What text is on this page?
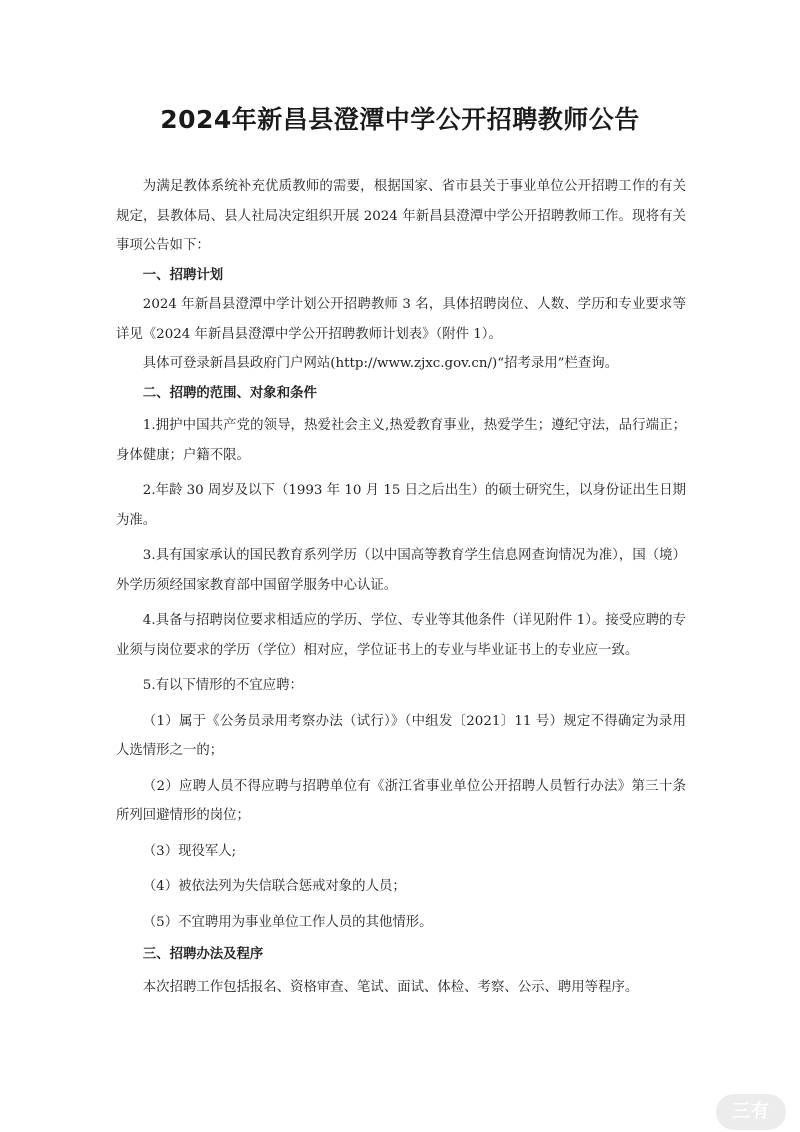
2024年新昌县澄潭中学公开招聘教师公告

为满足教体系统补充优质教师的需要，根据国家、省市县关于事业单位公开招聘工作的有关规定，县教体局、县人社局决定组织开展 2024 年新昌县澄潭中学公开招聘教师工作。现将有关事项公告如下：

一、招聘计划

2024 年新昌县澄潭中学计划公开招聘教师 3 名，具体招聘岗位、人数、学历和专业要求等详见《2024 年新昌县澄潭中学公开招聘教师计划表》（附件 1）。

具体可登录新昌县政府门户网站(http://www.zjxc.gov.cn/)“招考录用”栏查询。

二、招聘的范围、对象和条件

1.拥护中国共产党的领导，热爱社会主义,热爱教育事业，热爱学生；遵纪守法，品行端正；身体健康；户籍不限。

2.年龄 30 周岁及以下（1993 年 10 月 15 日之后出生）的硕士研究生，以身份证出生日期为准。

3.具有国家承认的国民教育系列学历（以中国高等教育学生信息网查询情况为准），国（境）外学历须经国家教育部中国留学服务中心认证。

4.具备与招聘岗位要求相适应的学历、学位、专业等其他条件（详见附件 1）。接受应聘的专业须与岗位要求的学历（学位）相对应，学位证书上的专业与毕业证书上的专业应一致。

5.有以下情形的不宜应聘：

（1）属于《公务员录用考察办法（试行）》（中组发〔2021〕11 号）规定不得确定为录用人选情形之一的；

（2）应聘人员不得应聘与招聘单位有《浙江省事业单位公开招聘人员暂行办法》第三十条所列回避情形的岗位；

（3）现役军人;

（4）被依法列为失信联合惩戒对象的人员；

（5）不宜聘用为事业单位工作人员的其他情形。

三、招聘办法及程序

本次招聘工作包括报名、资格审查、笔试、面试、体检、考察、公示、聘用等程序。

三有
